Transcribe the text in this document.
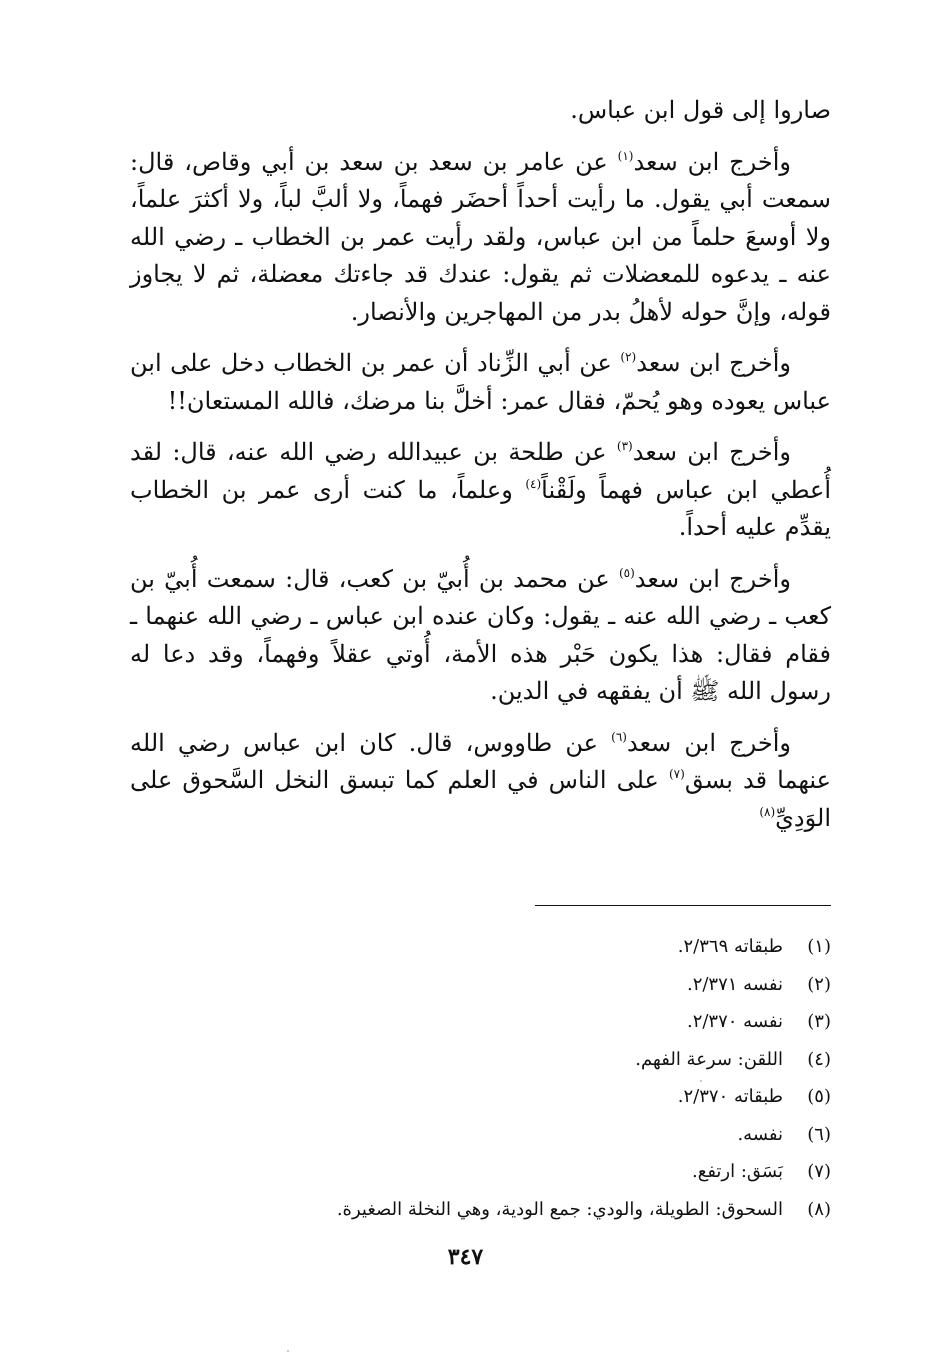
صاروا إلى قول ابن عباس.

وأخرج ابن سعد$^{(١)}$ عن عامر بن سعد بن سعد بن أبي وقاص، قال: سمعت أبي يقول. ما رأيت أحداً أحضَر فهماً، ولا ألبَّ لباً، ولا أكثرَ علماً، ولا أوسعَ حلماً من ابن عباس، ولقد رأيت عمر بن الخطاب ـ رضي الله عنه ـ يدعوه للمعضلات ثم يقول: عندك قد جاءتك معضلة، ثم لا يجاوز قوله، وإنَّ حوله لأهلُ بدر من المهاجرين والأنصار.

وأخرج ابن سعد$^{(٢)}$ عن أبي الزِّناد أن عمر بن الخطاب دخل على ابن عباس يعوده وهو يُحمّ، فقال عمر: أخلَّ بنا مرضك، فالله المستعان!!

وأخرج ابن سعد$^{(٣)}$ عن طلحة بن عبيدالله رضي الله عنه، قال: لقد أُعطي ابن عباس فهماً ولَقْناً$^{(٤)}$ وعلماً، ما كنت أرى عمر بن الخطاب يقدِّم عليه أحداً.

وأخرج ابن سعد$^{(٥)}$ عن محمد بن أُبيّ بن كعب، قال: سمعت أُبيّ بن كعب ـ رضي الله عنه ـ يقول: وكان عنده ابن عباس ـ رضي الله عنهما ـ فقام فقال: هذا يكون حَبْر هذه الأمة، أُوتي عقلاً وفهماً، وقد دعا له رسول الله ﷺ أن يفقهه في الدين.

وأخرج ابن سعد$^{(٦)}$ عن طاووس، قال. كان ابن عباس رضي الله عنهما قد بسق$^{(٧)}$ على الناس في العلم كما تبسق النخل السَّحوق على الوَدِيِّ$^{(٨)}$

(١)
طبقاته ٢/٣٦٩.
(٢)
نفسه ٢/٣٧١.
(٣)
نفسه ٢/٣٧٠.
(٤)
اللقن: سرعة الفهم.
(٥)
طبقاته ٢/٣٧٠.
(٦)
نفسه.
(٧)
بَسَق: ارتفع.
(٨)
السحوق: الطويلة، والودي: جمع الودية، وهي النخلة الصغيرة.
٣٤٧
